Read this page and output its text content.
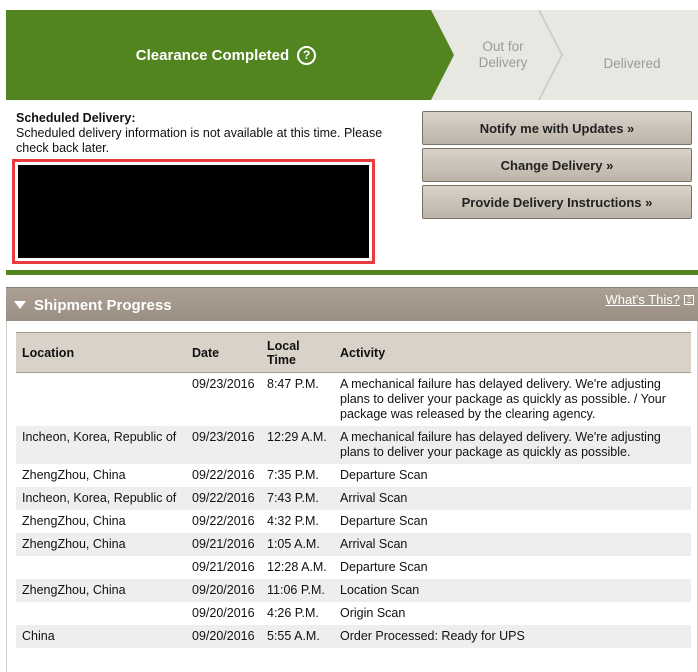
Clearance Completed	?
Out for
Delivery	Delivered
Scheduled Delivery:
Scheduled delivery information is not available at this time. Please check back later.
Notify me with Updates »
Change Delivery »
Provide Delivery Instructions »
Shipment Progress	What's This?	?
Location	Date	Local Time	Activity
	09/23/2016	8:47 P.M.	A mechanical failure has delayed delivery. We're adjusting plans to deliver your package as quickly as possible. / Your package was released by the clearing agency.
Incheon, Korea, Republic of	09/23/2016	12:29 A.M.	A mechanical failure has delayed delivery. We're adjusting plans to deliver your package as quickly as possible.
ZhengZhou, China	09/22/2016	7:35 P.M.	Departure Scan
Incheon, Korea, Republic of	09/22/2016	7:43 P.M.	Arrival Scan
ZhengZhou, China	09/22/2016	4:32 P.M.	Departure Scan
ZhengZhou, China	09/21/2016	1:05 A.M.	Arrival Scan
	09/21/2016	12:28 A.M.	Departure Scan
ZhengZhou, China	09/20/2016	11:06 P.M.	Location Scan
	09/20/2016	4:26 P.M.	Origin Scan
China	09/20/2016	5:55 A.M.	Order Processed: Ready for UPS
